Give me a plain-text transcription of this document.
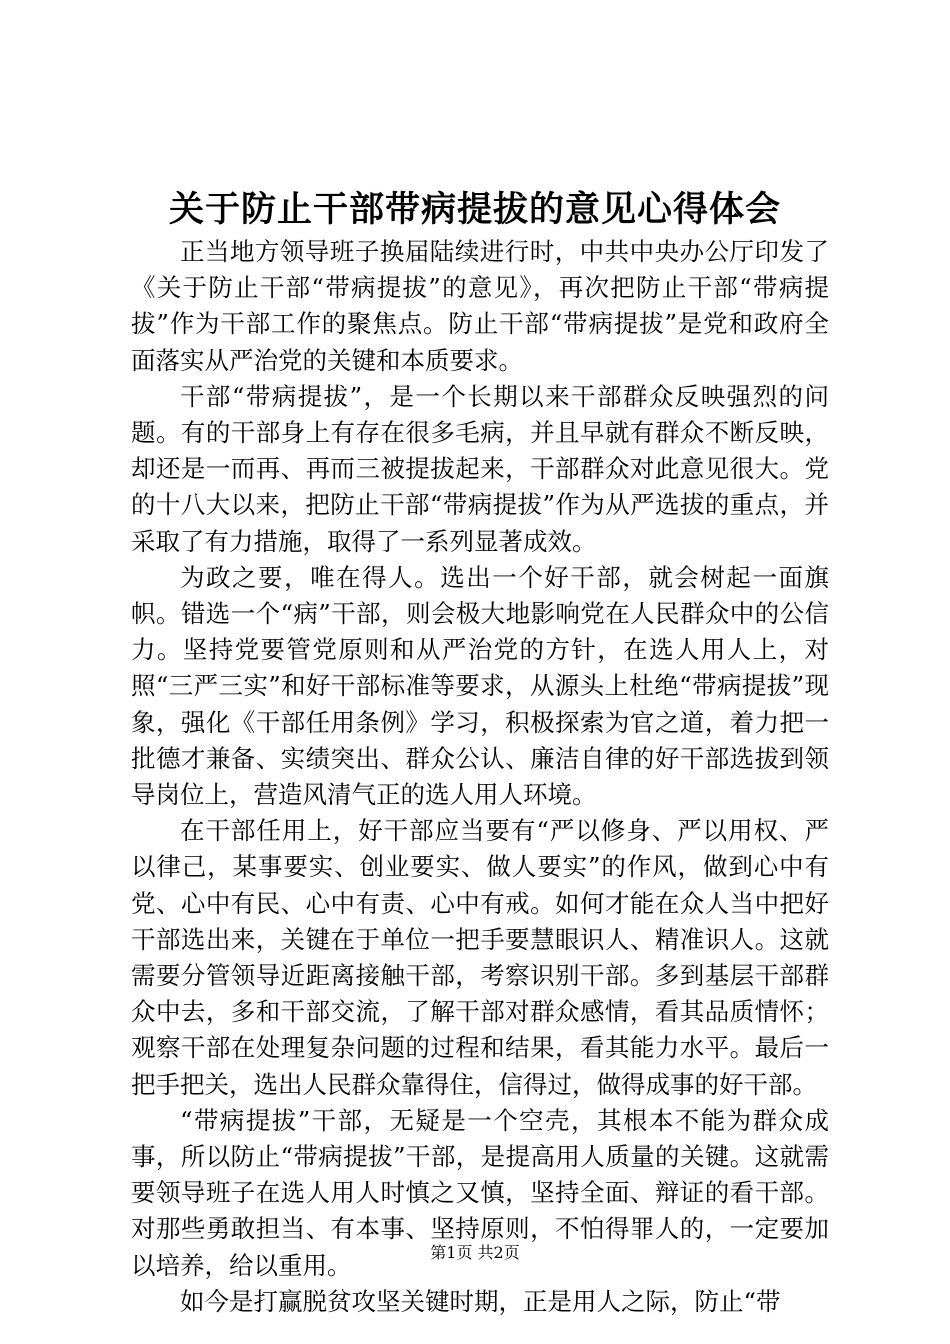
关于防止干部带病提拔的意见心得体会

正当地方领导班子换届陆续进行时，中共中央办公厅印发了《关于防止干部“带病提拔”的意见》，再次把防止干部“带病提拔”作为干部工作的聚焦点。防止干部“带病提拔”是党和政府全面落实从严治党的关键和本质要求。

干部“带病提拔”，是一个长期以来干部群众反映强烈的问题。有的干部身上有存在很多毛病，并且早就有群众不断反映，却还是一而再、再而三被提拔起来，干部群众对此意见很大。党的十八大以来，把防止干部“带病提拔”作为从严选拔的重点，并采取了有力措施，取得了一系列显著成效。

为政之要，唯在得人。选出一个好干部，就会树起一面旗帜。错选一个“病”干部，则会极大地影响党在人民群众中的公信力。坚持党要管党原则和从严治党的方针，在选人用人上，对照“三严三实”和好干部标准等要求，从源头上杜绝“带病提拔”现象，强化《干部任用条例》学习，积极探索为官之道，着力把一批德才兼备、实绩突出、群众公认、廉洁自律的好干部选拔到领导岗位上，营造风清气正的选人用人环境。

在干部任用上，好干部应当要有“严以修身、严以用权、严以律己，某事要实、创业要实、做人要实”的作风，做到心中有党、心中有民、心中有责、心中有戒。如何才能在众人当中把好干部选出来，关键在于单位一把手要慧眼识人、精准识人。这就需要分管领导近距离接触干部，考察识别干部。多到基层干部群众中去，多和干部交流，了解干部对群众感情，看其品质情怀；观察干部在处理复杂问题的过程和结果，看其能力水平。最后一把手把关，选出人民群众靠得住，信得过，做得成事的好干部。

“带病提拔”干部，无疑是一个空壳，其根本不能为群众成事，所以防止“带病提拔”干部，是提高用人质量的关键。这就需要领导班子在选人用人时慎之又慎，坚持全面、辩证的看干部。对那些勇敢担当、有本事、坚持原则，不怕得罪人的，一定要加以培养，给以重用。

如今是打赢脱贫攻坚关键时期，正是用人之际，防止“带

第1页 共2页
